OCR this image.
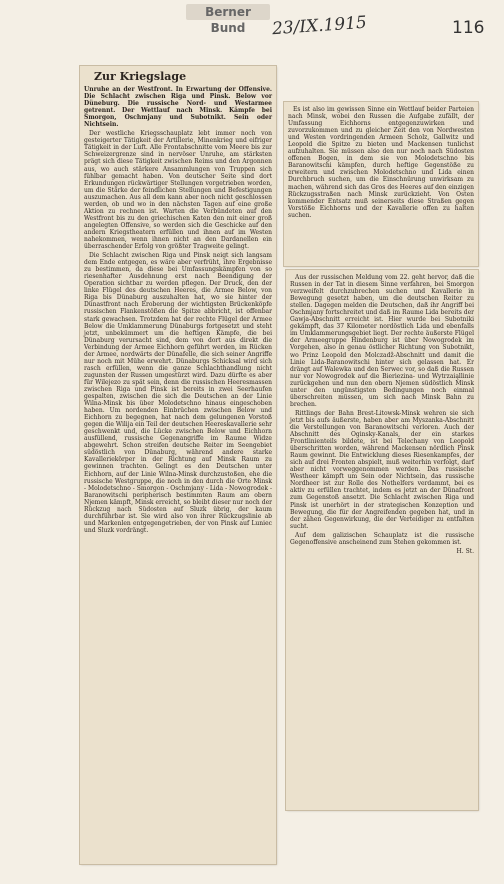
Berner Bund	23/IX.1915	116

Zur Kriegslage

Unruhe an der Westfront. In Erwartung der Offensive. Die Schlacht zwischen Riga und Pinsk. Below vor Düneburg. Die russische Nord- und Westarmee getrennt. Der Wettlauf nach Minsk. Kämpfe bei Smorgon, Oschmjany und Subotnikt. Sein oder Nichtsein.

Der westliche Kriegsschauplatz lebt immer noch von gesteigerter Tätigkeit der Artillerie, Minenkrieg und eifriger Tätigkeit in der Luft. Alle Frontabschnitte vom Meere bis zur Schweizergrenze sind in nervöser Unruhe, am stärksten prägt sich diese Tätigkeit zwischen Reims und den Argonnen aus, wo auch stärkere Ansammlungen von Truppen sich fühlbar gemacht haben. Von deutscher Seite sind dort Erkundungen rückwärtiger Stellungen vorgetrieben worden, um die Stärke der feindlichen Stellungen und Befestigungen auszumachen. Aus all dem kann aber noch nicht geschlossen werden, ob und wo in den nächsten Tagen auf eine große Aktion zu rechnen ist. Warten die Verbündeten auf den Westfront bis zu den griechischen Katen den mit einer groß angelegten Offensive, so werden sich die Geschicke auf den andern Kriegstheatern erfüllen und ihnen auf im Westen nahekommen, wenn ihnen nicht an den Dardanellen ein überraschender Erfolg von größter Tragweite gelingt.

Die Schlacht zwischen Riga und Pinsk neigt sich langsam dem Ende entgegen, es wäre aber verfrüht, ihre Ergebnisse zu bestimmen, da diese bei Umfassungskämpfen von so riesenhafter Ausdehnung erst nach Beendigung der Operation sichtbar zu werden pflegen. Der Druck, den der linke Flügel des deutschen Heeres, die Armee Below, von Riga bis Dünaburg auszuhalten hat, wo sie hinter der Dünastfront nach Eroberung der wichtigsten Brückenköpfe russischen Flankenstößen die Spitze abbricht, ist offenbar stark gewachsen. Trotzdem hat der rechte Flügel der Armee Below die Umklammerung Dünaburgs fortgesetzt und steht jetzt, unbekümmert um die heftigen Kämpfe, die bei Dünaburg verursacht sind, dem von dort aus direkt die Verbindung der Armee Eichhorn geführt werden, im Rücken der Armee, nordwärts der Dünafelle, die sich seiner Angriffe nur noch mit Mühe erwehrt. Dünaburgs Schicksal wird sich rasch erfüllen, wenn die ganze Schlachthandlung nicht zugunsten der Russen umgestürzt wird. Dazu dürfte es aber für Wilejezo zu spät sein, denn die russischen Heeresmassen zwischen Riga und Pinsk ist bereits in zwei Seerhaufen gespalten, zwischen die sich die Deutschen an der Linie Wilna-Minsk bis über Molodetschno hinaus eingeschoben haben. Um nordenden Einbrüchen zwischen Below und Eichhorn zu begegnen, hat nach dem gelungenen Vorstoß gegen die Wilija ein Teil der deutschen Heereskavallerie sehr geschwenkt und, die Lücke zwischen Below und Eichhorn ausfüllend, russische Gegenangriffe im Raume Widze abgewehrt. Schon streifen deutsche Reiter im Seengebiet südöstlich von Dünaburg, während andere starke Kavalleriekörper in der Richtung auf Minsk Raum zu gewinnen trachten. Gelingt es den Deutschen unter Eichhorn, auf der Linie Wilna-Minsk durchzustoßen, ehe die russische Westgruppe, die noch in den durch die Orte Minsk - Molodetschno - Smorgon - Oschmjany - Lida - Nowogrodek - Baranowitschi peripherisch bestimmten Raum am obern Njemen kämpft, Minsk erreicht, so bleibt dieser nur noch der Rückzug nach Südosten auf Sluzk übrig, der kaum durchführbar ist. Sie wird also von ihrer Rückzugslinie ab und Markenlen entgegengetrieben, der von Pinsk auf Luniec und Sluzk vordrängt.

Es ist also im gewissen Sinne ein Wettlauf beider Parteien nach Minsk, wobei den Russen die Aufgabe zufällt, der Umfassung Eichhorns entgegenzuwirken und zuvorzukommen und zu gleicher Zeit den von Nordwesten und Westen vordringenden Armeen Scholz, Gallwitz und Leopold die Spitze zu bieten und Mackensen tunlichst aufzuhalten. Sie müssen also den nur noch nach Südosten offenen Bogen, in dem sie von Molodetschno bis Baranowitschi kämpfen, durch heftige Gegenstöße zu erweitern und zwischen Molodetschno und Lida einen Durchbruch suchen, um die Einschnürung unwirksam zu machen, während sich das Gros des Heeres auf den einzigen Rückzugsstraßen nach Minsk zurückzieht. Von Osten kommender Entsatz muß seinerseits diese Straßen gegen Vorstöße Eichhorns und der Kavallerie offen zu halten suchen.

Aus der russischen Meldung vom 22. geht hervor, daß die Russen in der Tat in diesem Sinne verfahren, bei Smorgon verzweifelt durchzubrechen suchen und Kavallerie in Bewegung gesetzt haben, um die deutschen Reiter zu stellen. Dagegen melden die Deutschen, daß ihr Angriff bei Oschmjany fortschreitet und daß im Raume Lida bereits der Gawja-Abschnitt erreicht ist. Hier wurde bei Subotniki gekämpft, das 37 Kilometer nordöstlich Lida und ebenfalls im Umklammerungsgebiet liegt. Der rechte äußerste Flügel der Armeegruppe Hindenburg ist über Nowogrodek im Vorgehen, also in genau östlicher Richtung von Subotnikt, wo Prinz Leopold den Molczadž-Abschnitt und damit die Linie Lida-Baranowitschi hinter sich gelassen hat. Er drängt auf Walewka und den Serwec vor, so daß die Russen nur vor Nowogrodek auf die Bieriezina- und Wytrzaiąllinie zurückgehen und nun den obern Njemen südöstlich Minsk unter den ungünstigsten Bedingungen noch einmal überschreiten müssen, um sich nach Minsk Bahn zu brechen.

Rittlings der Bahn Brest-Litowsk-Minsk wehren sie sich jetzt bis aufs äußerste, haben aber am Myszanka-Abschnitt die Verstellungen von Baranowitschi verloren. Auch der Abschnitt des Oginsky-Kanals, der ein starkes Frontlinienteils bildete, ist bei Telechany von Leopold überschritten worden, während Mackensen nördlich Pinsk Raum gewinnt. Die Entwicklung dieses Riesenkampfes, der sich auf drei Fronten abspielt, muß weiterhin verfolgt, darf aber nicht vorweggenommen werden. Das russische Westheer kämpft um Sein oder Nichtsein, das russische Nordheer ist zur Rolle des Nothelfers verdammt, bei es aktiv zu erfüllen trachtet, indem es jetzt an der Dünafront zum Gegenstoß ansetzt. Die Schlacht zwischen Riga und Pinsk ist unerhört in der strategischen Konzeption und Bewegung, die für der Angreifenden gegeben hat, und in der zähen Gegenwirkung, die der Verteidiger zu entfalten sucht.

Auf dem galizischen Schauplatz ist die russische Gegenoffensive anscheinend zum Stehen gekommen ist.

H. St.
